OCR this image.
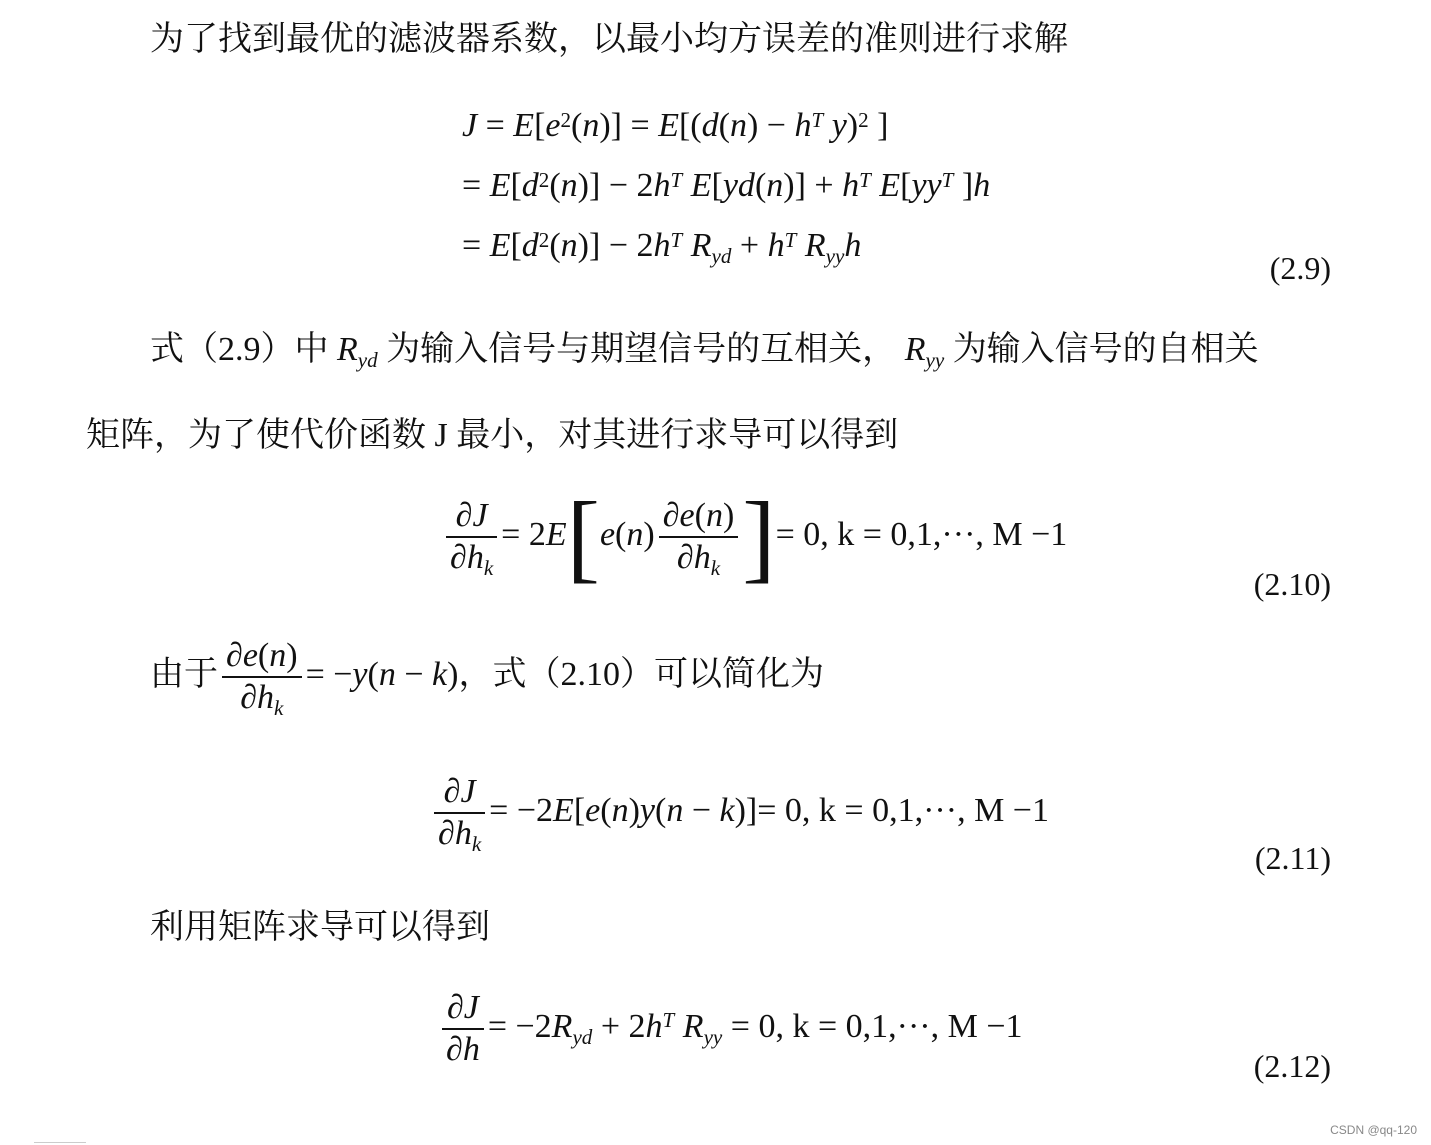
为了找到最优的滤波器系数，以最小均方误差的准则进行求解
$J = E[e^2(n)] = E[(d(n) - h^T$ y)$^2$ ]
= $E[d^2(n)] - 2h^T$ $E[yd(n)] + h^T$ $E[yy^T$ ]h
= $E[d^2(n)] - 2h^T$ $R_{yd} + h^T$ $R_{yy}h$
(2.9)
式（2.9）中 $R_{yd}$ 为输入信号与期望信号的互相关， $R_{yy}$ 为输入信号的自相关
矩阵，为了使代价函数 J 最小，对其进行求导可以得到
$\frac{\partial J}{\partial h_k} = 2E[e(n) \frac{\partial e(n)}{\partial h_k}$ ]= 0, k = 0,1,···, M −1
(2.10)
由于 $\frac{\partial e(n)}{\partial h_k} = -y(n - k)$，式（2.10）可以简化为
$\frac{\partial J}{\partial h_k} = -2E[e(n)y(n - k)]= 0$, k = 0,1,···, M −1
(2.11)
利用矩阵求导可以得到
$\frac{\partial J}{\partial h} = -2R_{yd} + 2h^T$ $R_{yy} = 0$, k = 0,1,···, M −1
(2.12)
CSDN @qq-120
